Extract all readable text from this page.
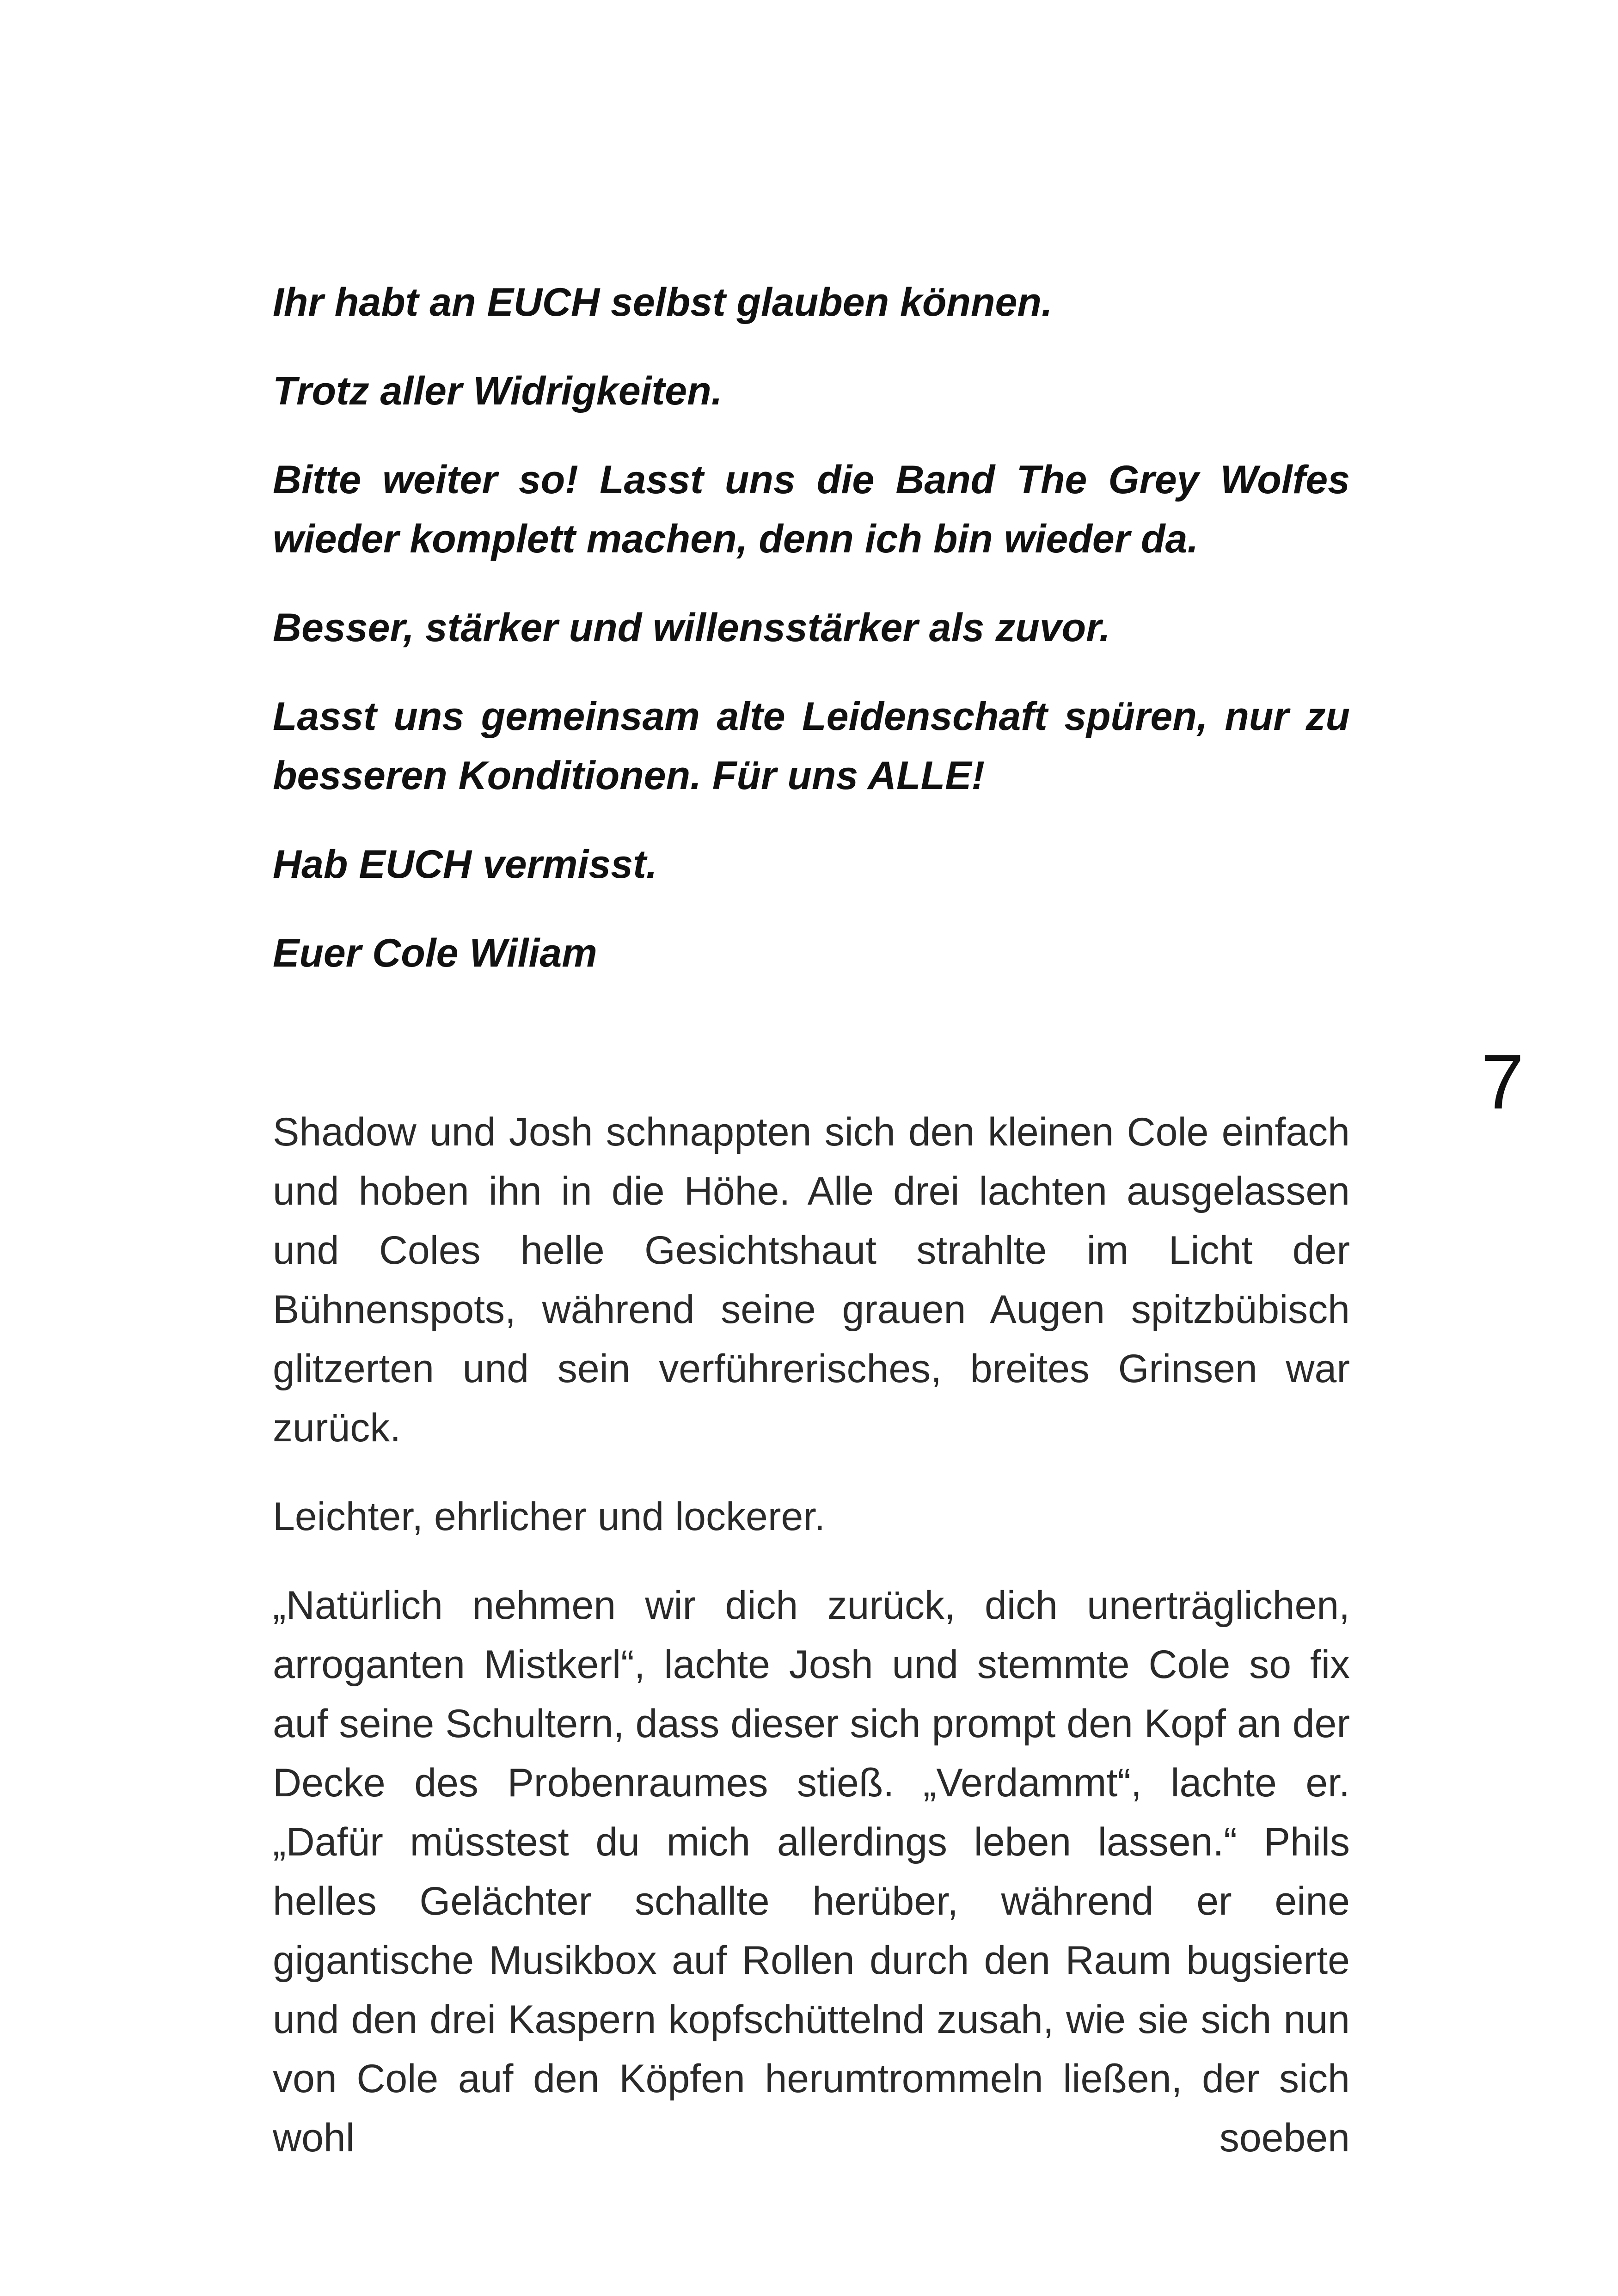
Ihr habt an EUCH selbst glauben können.

Trotz aller Widrigkeiten.

Bitte weiter so! Lasst uns die Band The Grey Wolfes wieder komplett machen, denn ich bin wieder da.

Besser, stärker und willensstärker als zuvor.

Lasst uns gemeinsam alte Leidenschaft spüren, nur zu besseren Konditionen. Für uns ALLE!

Hab EUCH vermisst.

Euer Cole Wiliam

7

Shadow und Josh schnappten sich den kleinen Cole einfach und hoben ihn in die Höhe. Alle drei lachten ausgelassen und Coles helle Gesichtshaut strahlte im Licht der Bühnenspots, während seine grauen Augen spitzbübisch glitzerten und sein verführerisches, breites Grinsen war zurück.

Leichter, ehrlicher und lockerer.

„Natürlich nehmen wir dich zurück, dich unerträglichen, arroganten Mistkerl“, lachte Josh und stemmte Cole so fix auf seine Schultern, dass dieser sich prompt den Kopf an der Decke des Probenraumes stieß. „Verdammt“, lachte er. „Dafür müsstest du mich allerdings leben lassen.“ Phils helles Gelächter schallte herüber, während er eine gigantische Musikbox auf Rollen durch den Raum bugsierte und den drei Kaspern kopfschüttelnd zusah, wie sie sich nun von Cole auf den Köpfen herumtrommeln ließen, der sich wohl soeben
